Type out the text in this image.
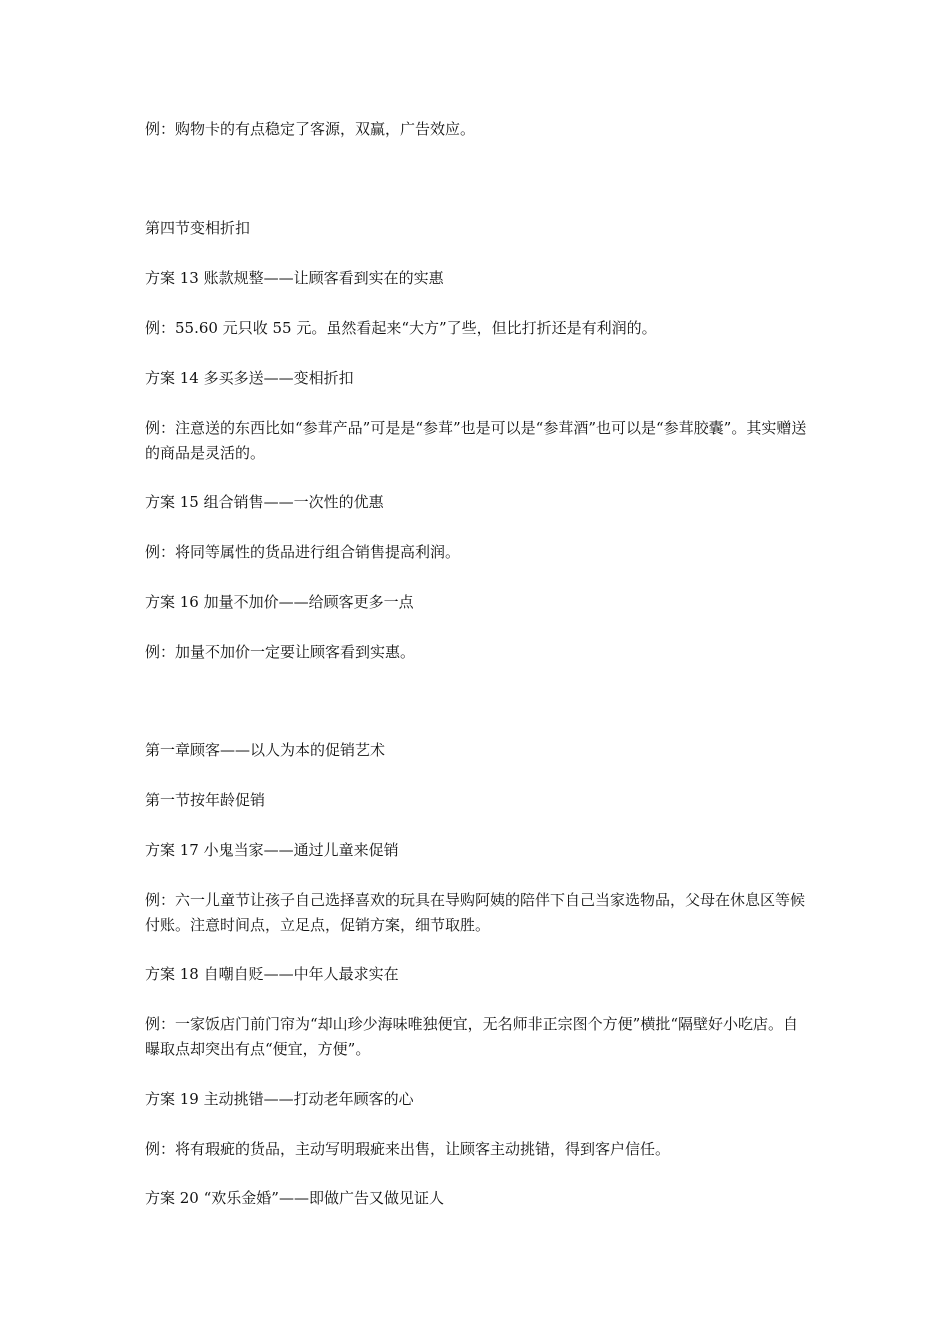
例：购物卡的有点稳定了客源，双赢，广告效应。
第四节变相折扣
方案 13 账款规整——让顾客看到实在的实惠
例：55.60 元只收 55 元。虽然看起来“大方”了些，但比打折还是有利润的。
方案 14 多买多送——变相折扣
例：注意送的东西比如“参茸产品”可是是“参茸”也是可以是“参茸酒”也可以是“参茸胶囊”。其实赠送的商品是灵活的。
方案 15 组合销售——一次性的优惠
例：将同等属性的货品进行组合销售提高利润。
方案 16 加量不加价——给顾客更多一点
例：加量不加价一定要让顾客看到实惠。
第一章顾客——以人为本的促销艺术
第一节按年龄促销
方案 17 小鬼当家——通过儿童来促销
例：六一儿童节让孩子自己选择喜欢的玩具在导购阿姨的陪伴下自己当家选物品，父母在休息区等候付账。注意时间点，立足点，促销方案，细节取胜。
方案 18 自嘲自贬——中年人最求实在
例：一家饭店门前门帘为“却山珍少海味唯独便宜，无名师非正宗图个方便”横批“隔壁好小吃店。自曝取点却突出有点“便宜，方便”。
方案 19 主动挑错——打动老年顾客的心
例：将有瑕疵的货品，主动写明瑕疵来出售，让顾客主动挑错，得到客户信任。
方案 20 “欢乐金婚”——即做广告又做见证人
